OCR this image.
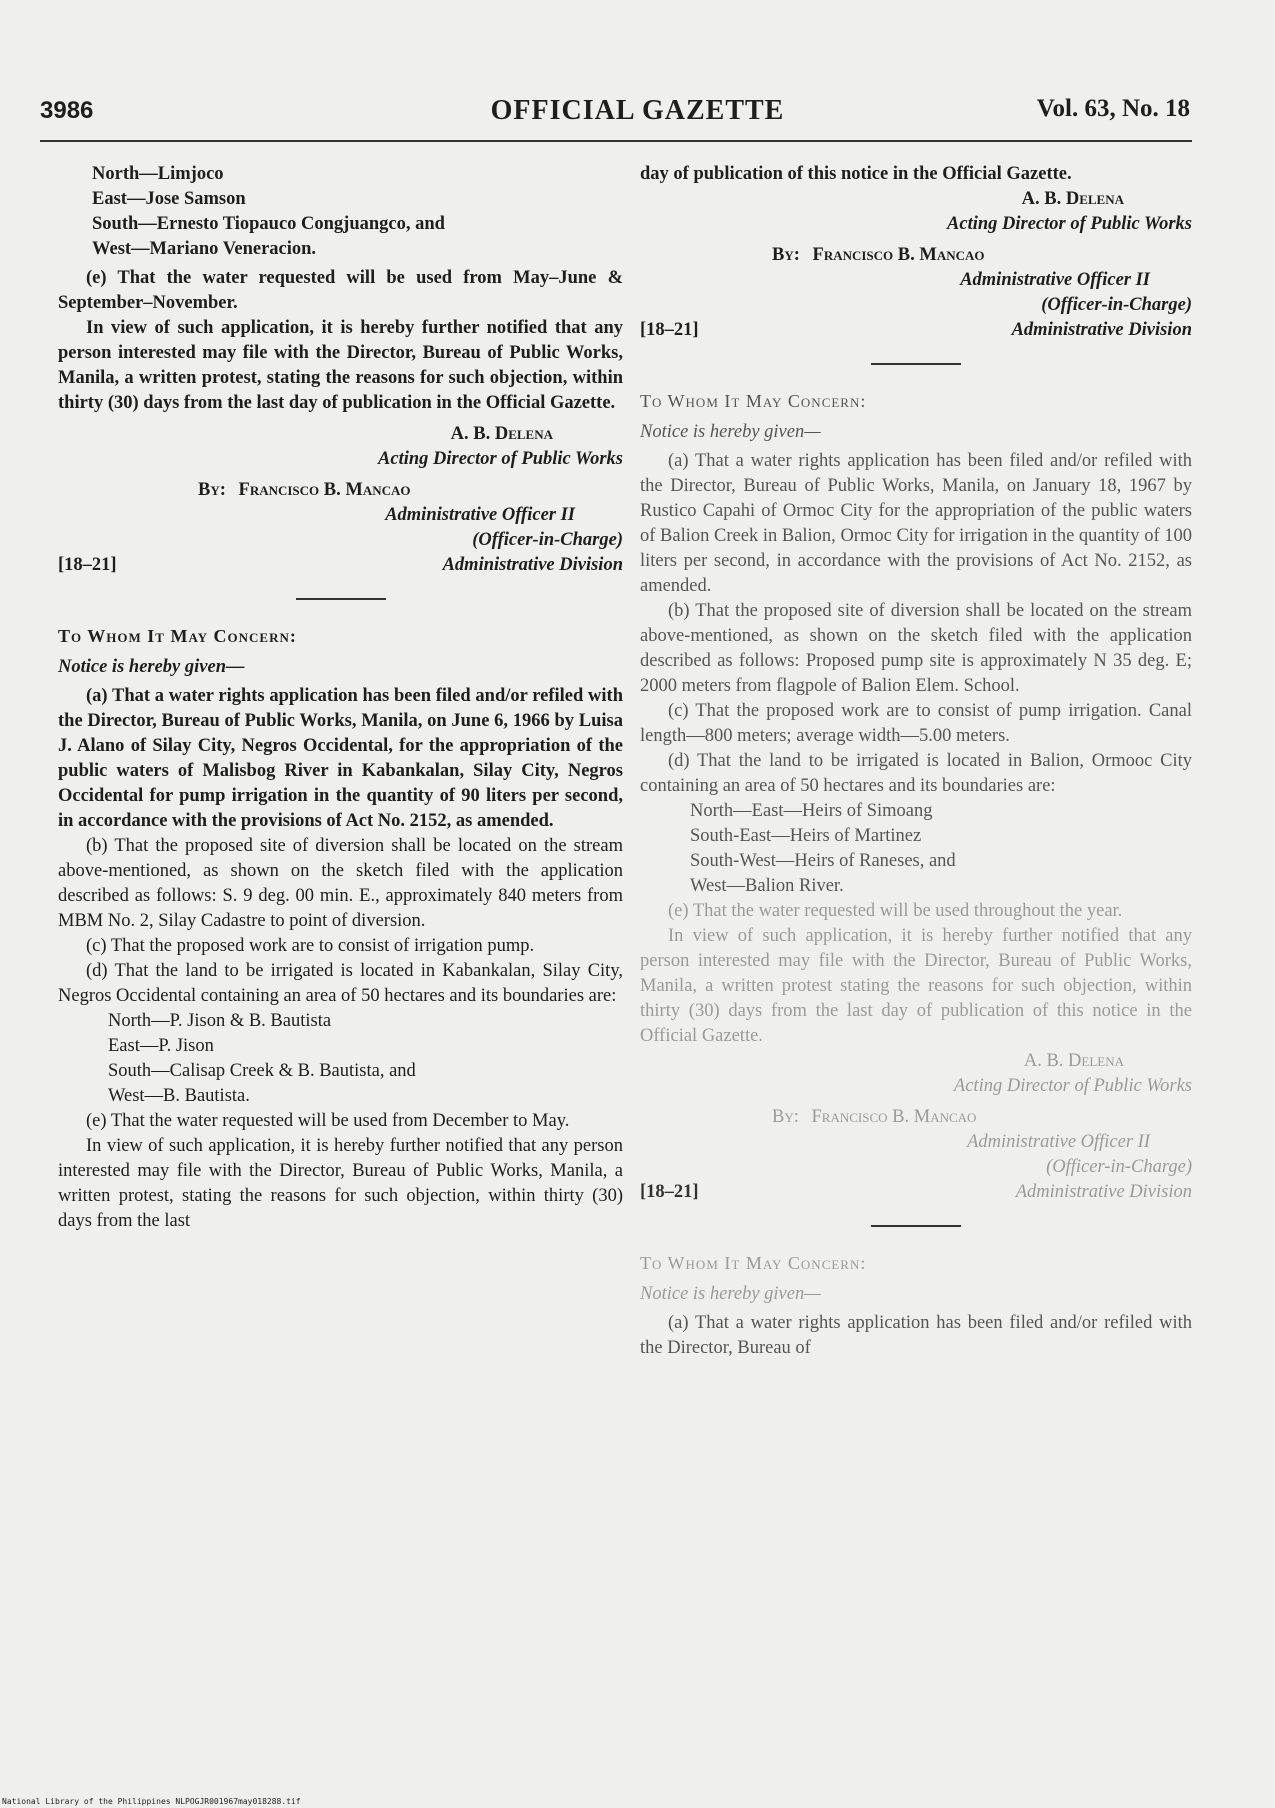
3986	OFFICIAL GAZETTE	Vol. 63, No. 18
North—Limjoco
East—Jose Samson
South—Ernesto Tiopauco Congjuangco, and
West—Mariano Veneracion.

(e) That the water requested will be used from May–June & September–November.

In view of such application, it is hereby further notified that any person interested may file with the Director, Bureau of Public Works, Manila, a written protest, stating the reasons for such objection, within thirty (30) days from the last day of publication in the Official Gazette.

A. B. Delena
Acting Director of Public Works
By: Francisco B. Mancao
Administrative Officer II
(Officer-in-Charge)
Administrative Division
[18–21]

To Whom It May Concern:

Notice is hereby given—

(a) That a water rights application has been filed and/or refiled with the Director, Bureau of Public Works, Manila, on June 6, 1966 by Luisa J. Alano of Silay City, Negros Occidental, for the appropriation of the public waters of Malisbog River in Kabankalan, Silay City, Negros Occidental for pump irrigation in the quantity of 90 liters per second, in accordance with the provisions of Act No. 2152, as amended.

(b) That the proposed site of diversion shall be located on the stream above-mentioned, as shown on the sketch filed with the application described as follows: S. 9 deg. 00 min. E., approximately 840 meters from MBM No. 2, Silay Cadastre to point of diversion.

(c) That the proposed work are to consist of irrigation pump.

(d) That the land to be irrigated is located in Kabankalan, Silay City, Negros Occidental containing an area of 50 hectares and its boundaries are:

North—P. Jison & B. Bautista
East—P. Jison
South—Calisap Creek & B. Bautista, and
West—B. Bautista.

(e) That the water requested will be used from December to May.

In view of such application, it is hereby further notified that any person interested may file with the Director, Bureau of Public Works, Manila, a written protest, stating the reasons for such objection, within thirty (30) days from the last

day of publication of this notice in the Official Gazette.

A. B. Delena
Acting Director of Public Works
By: Francisco B. Mancao
Administrative Officer II
(Officer-in-Charge)
Administrative Division
[18–21]

To Whom It May Concern:

Notice is hereby given—

(a) That a water rights application has been filed and/or refiled with the Director, Bureau of Public Works, Manila, on January 18, 1967 by Rustico Capahi of Ormoc City for the appropriation of the public waters of Balion Creek in Balion, Ormoc City for irrigation in the quantity of 100 liters per second, in accordance with the provisions of Act No. 2152, as amended.

(b) That the proposed site of diversion shall be located on the stream above-mentioned, as shown on the sketch filed with the application described as follows: Proposed pump site is approximately N 35 deg. E; 2000 meters from flagpole of Balion Elem. School.

(c) That the proposed work are to consist of pump irrigation. Canal length—800 meters; average width—5.00 meters.

(d) That the land to be irrigated is located in Balion, Ormooc City containing an area of 50 hectares and its boundaries are:

North—East—Heirs of Simoang
South-East—Heirs of Martinez
South-West—Heirs of Raneses, and
West—Balion River.

(e) That the water requested will be used throughout the year.

In view of such application, it is hereby further notified that any person interested may file with the Director, Bureau of Public Works, Manila, a written protest stating the reasons for such objection, within thirty (30) days from the last day of publication of this notice in the Official Gazette.

A. B. Delena
Acting Director of Public Works
By: Francisco B. Mancao
Administrative Officer II
(Officer-in-Charge)
Administrative Division
[18–21]

To Whom It May Concern:

Notice is hereby given—

(a) That a water rights application has been filed and/or refiled with the Director, Bureau of

National Library of the Philippines NLPOGJR001967may018288.tif
